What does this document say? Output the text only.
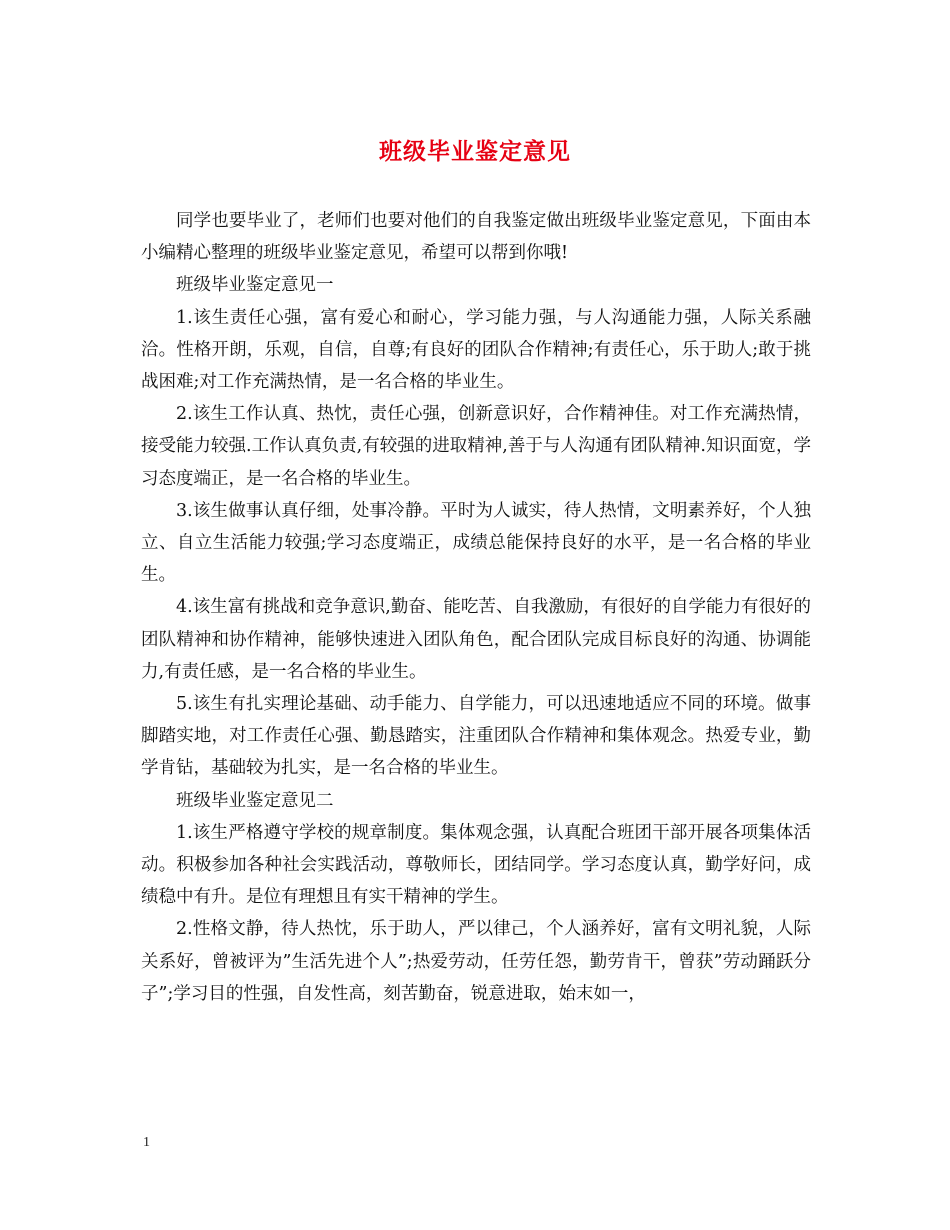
班级毕业鉴定意见

同学也要毕业了，老师们也要对他们的自我鉴定做出班级毕业鉴定意见，下面由本小编精心整理的班级毕业鉴定意见，希望可以帮到你哦!

班级毕业鉴定意见一

1.该生责任心强，富有爱心和耐心，学习能力强，与人沟通能力强，人际关系融洽。性格开朗，乐观，自信，自尊;有良好的团队合作精神;有责任心，乐于助人;敢于挑战困难;对工作充满热情，是一名合格的毕业生。

2.该生工作认真、热忱，责任心强，创新意识好，合作精神佳。对工作充满热情，接受能力较强.工作认真负责,有较强的进取精神,善于与人沟通有团队精神.知识面宽，学习态度端正，是一名合格的毕业生。

3.该生做事认真仔细，处事冷静。平时为人诚实，待人热情，文明素养好，个人独立、自立生活能力较强;学习态度端正，成绩总能保持良好的水平，是一名合格的毕业生。

4.该生富有挑战和竞争意识,勤奋、能吃苦、自我激励，有很好的自学能力有很好的团队精神和协作精神，能够快速进入团队角色，配合团队完成目标良好的沟通、协调能力,有责任感，是一名合格的毕业生。

5.该生有扎实理论基础、动手能力、自学能力，可以迅速地适应不同的环境。做事脚踏实地，对工作责任心强、勤恳踏实，注重团队合作精神和集体观念。热爱专业，勤学肯钻，基础较为扎实，是一名合格的毕业生。

班级毕业鉴定意见二

1.该生严格遵守学校的规章制度。集体观念强，认真配合班团干部开展各项集体活动。积极参加各种社会实践活动，尊敬师长，团结同学。学习态度认真，勤学好问，成绩稳中有升。是位有理想且有实干精神的学生。

2.性格文静，待人热忱，乐于助人，严以律己，个人涵养好，富有文明礼貌，人际关系好，曾被评为”生活先进个人”;热爱劳动，任劳任怨，勤劳肯干，曾获”劳动踊跃分子”;学习目的性强，自发性高，刻苦勤奋，锐意进取，始末如一，

1
